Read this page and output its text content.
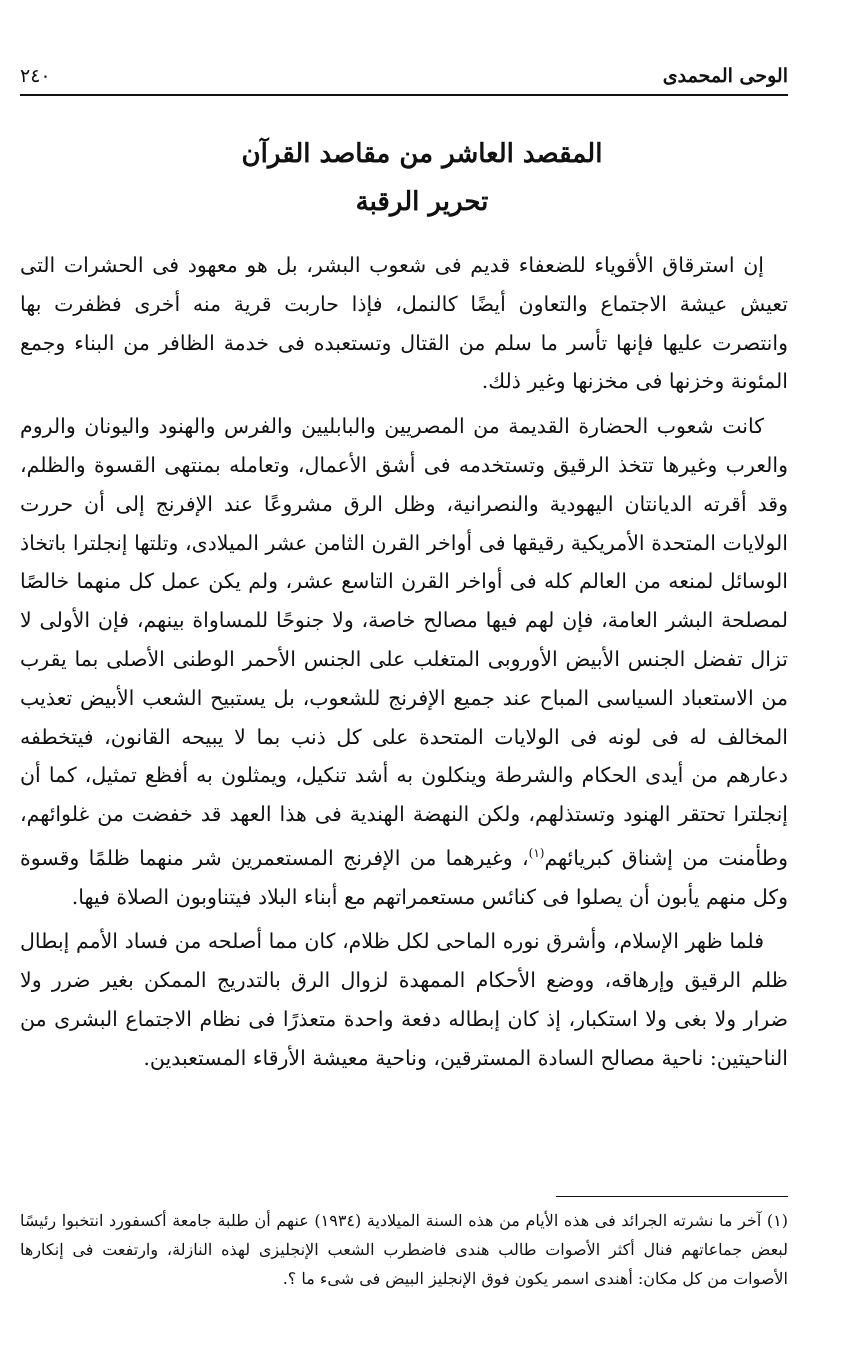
الوحى المحمدى
٢٤٠
المقصد العاشر من مقاصد القرآن
تحرير الرقبة

إن استرقاق الأقوياء للضعفاء قديم فى شعوب البشر، بل هو معهود فى الحشرات التى تعيش عيشة الاجتماع والتعاون أيضًا كالنمل، فإذا حاربت قرية منه أخرى فظفرت بها وانتصرت عليها فإنها تأسر ما سلم من القتال وتستعبده فى خدمة الظافر من البناء وجمع المئونة وخزنها فى مخزنها وغير ذلك.

كانت شعوب الحضارة القديمة من المصريين والبابليين والفرس والهنود واليونان والروم والعرب وغيرها تتخذ الرقيق وتستخدمه فى أشق الأعمال، وتعامله بمنتهى القسوة والظلم، وقد أقرته الديانتان اليهودية والنصرانية، وظل الرق مشروعًا عند الإفرنج إلى أن حررت الولايات المتحدة الأمريكية رقيقها فى أواخر القرن الثامن عشر الميلادى، وتلتها إنجلترا باتخاذ الوسائل لمنعه من العالم كله فى أواخر القرن التاسع عشر، ولم يكن عمل كل منهما خالصًا لمصلحة البشر العامة، فإن لهم فيها مصالح خاصة، ولا جنوحًا للمساواة بينهم، فإن الأولى لا تزال تفضل الجنس الأبيض الأوروبى المتغلب على الجنس الأحمر الوطنى الأصلى بما يقرب من الاستعباد السياسى المباح عند جميع الإفرنج للشعوب، بل يستبيح الشعب الأبيض تعذيب المخالف له فى لونه فى الولايات المتحدة على كل ذنب بما لا يبيحه القانون، فيتخطفه دعارهم من أيدى الحكام والشرطة وينكلون به أشد تنكيل، ويمثلون به أفظع تمثيل، كما أن إنجلترا تحتقر الهنود وتستذلهم، ولكن النهضة الهندية فى هذا العهد قد خفضت من غلوائهم، وطأمنت من إشناق كبريائهم$^{(١)}$، وغيرهما من الإفرنج المستعمرين شر منهما ظلمًا وقسوة وكل منهم يأبون أن يصلوا فى كنائس مستعمراتهم مع أبناء البلاد فيتناوبون الصلاة فيها.

فلما ظهر الإسلام، وأشرق نوره الماحى لكل ظلام، كان مما أصلحه من فساد الأمم إبطال ظلم الرقيق وإرهاقه، ووضع الأحكام الممهدة لزوال الرق بالتدريج الممكن بغير ضرر ولا ضرار ولا بغى ولا استكبار، إذ كان إبطاله دفعة واحدة متعذرًا فى نظام الاجتماع البشرى من الناحيتين: ناحية مصالح السادة المسترقين، وناحية معيشة الأرقاء المستعبدين.

(١) آخر ما نشرته الجرائد فى هذه الأيام من هذه السنة الميلادية (١٩٣٤) عنهم أن طلبة جامعة أكسفورد انتخبوا رئيسًا لبعض جماعاتهم فنال أكثر الأصوات طالب هندى فاضطرب الشعب الإنجليزى لهذه النازلة، وارتفعت فى إنكارها الأصوات من كل مكان: أهندى اسمر يكون فوق الإنجليز البيض فى شىء ما ؟.
